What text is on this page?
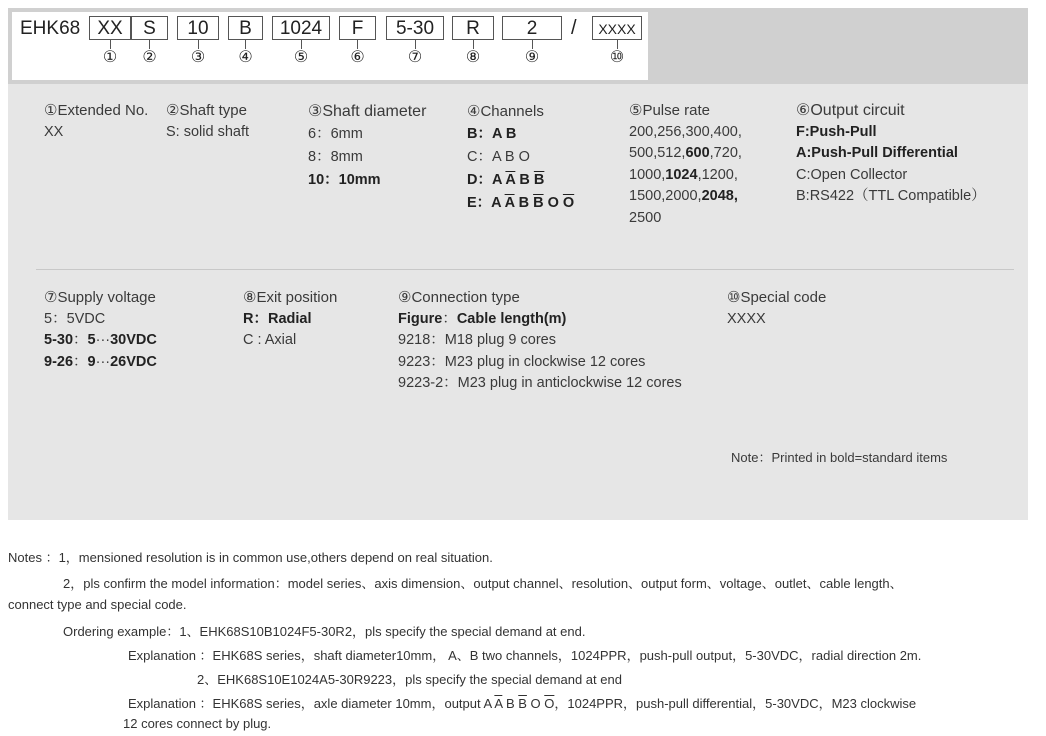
EHK68 XX
①
S
②
10
③
B
④
1024
⑤
F
⑥
5-30
⑦
R
⑧
2
⑨
/	XXXX
⑩
①Extended No.
XX
②Shaft type
S: solid shaft
③Shaft diameter
6：6mm
8：8mm
10：10mm
④Channels
B：A B
C：A B O
D：A $\overline{A}$ B $\overline{B}$
E：A $\overline{A}$ B $\overline{B}$ O $\overline{O}$
⑤Pulse rate
200,256,300,400,
500,512,600,720,
1000,1024,1200,
1500,2000,2048,
2500
⑥Output circuit
F:Push-Pull
A:Push-Pull Differential
C:Open Collector
B:RS422（TTL Compatible）
⑦Supply voltage
5：5VDC
5-30：5···30VDC
9-26：9···26VDC
⑧Exit position
R：Radial
C : Axial
⑨Connection type
Figure：Cable length(m)
9218：M18 plug 9 cores
9223：M23 plug in clockwise 12 cores
9223-2：M23 plug in anticlockwise 12 cores
⑩Special code
XXXX
Note：Printed in bold=standard items
Notes ：1，mensioned resolution is in common use,others depend on real situation.
2，pls confirm the model information：model series、axis dimension、output channel、resolution、output form、voltage、outlet、cable length、
connect type and special code.
Ordering example：1、EHK68S10B1024F5-30R2，pls specify the special demand at end.
Explanation ：EHK68S series，shaft diameter10mm， A、B two channels，1024PPR，push-pull output，5-30VDC，radial direction 2m.
2、EHK68S10E1024A5-30R9223，pls specify the special demand at end
Explanation ：EHK68S series，axle diameter 10mm，output A $\overline{A}$ B $\overline{B}$ O $\overline{O}$，1024PPR，push-pull differential，5-30VDC，M23 clockwise
12 cores connect by plug.
